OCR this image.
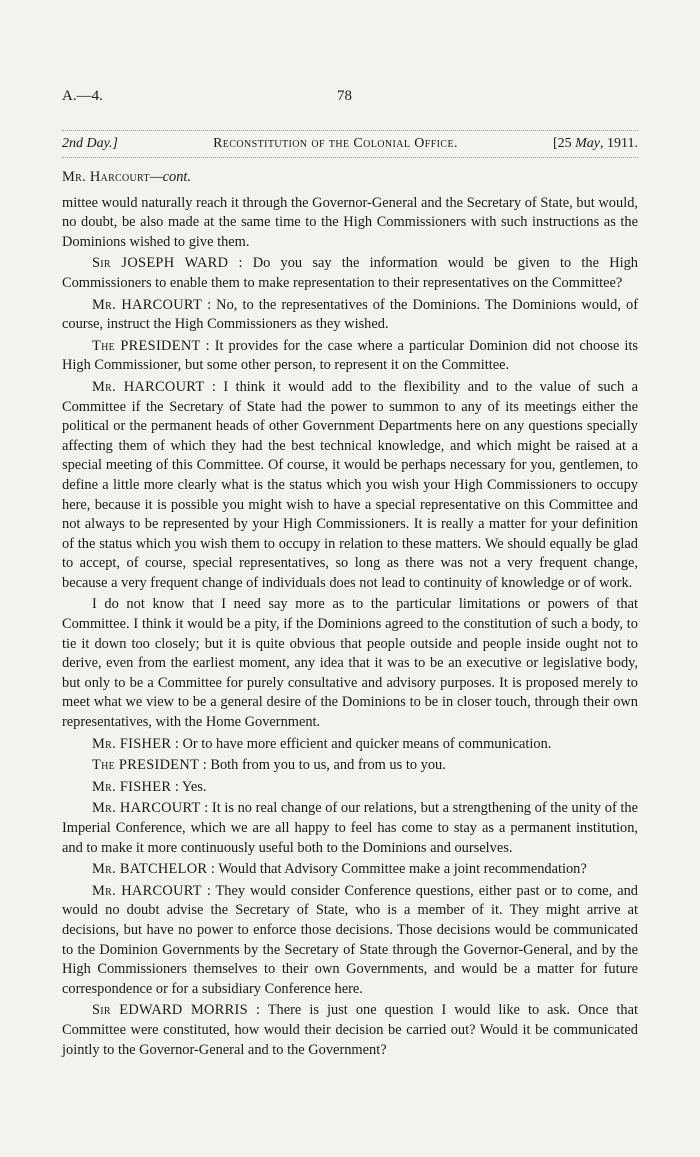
A.—4.	78
2nd Day.]	Reconstitution of the Colonial Office.	[25 May, 1911.
Mr. Harcourt—cont.

mittee would naturally reach it through the Governor-General and the Secretary of State, but would, no doubt, be also made at the same time to the High Commissioners with such instructions as the Dominions wished to give them.

Sir JOSEPH WARD : Do you say the information would be given to the High Commissioners to enable them to make representation to their representatives on the Committee?

Mr. HARCOURT : No, to the representatives of the Dominions. The Dominions would, of course, instruct the High Commissioners as they wished.

The PRESIDENT : It provides for the case where a particular Dominion did not choose its High Commissioner, but some other person, to represent it on the Committee.

Mr. HARCOURT : I think it would add to the flexibility and to the value of such a Committee if the Secretary of State had the power to summon to any of its meetings either the political or the permanent heads of other Government Departments here on any questions specially affecting them of which they had the best technical knowledge, and which might be raised at a special meeting of this Committee. Of course, it would be perhaps necessary for you, gentlemen, to define a little more clearly what is the status which you wish your High Commissioners to occupy here, because it is possible you might wish to have a special representative on this Committee and not always to be represented by your High Commissioners. It is really a matter for your definition of the status which you wish them to occupy in relation to these matters. We should equally be glad to accept, of course, special representatives, so long as there was not a very frequent change, because a very frequent change of individuals does not lead to continuity of knowledge or of work.

I do not know that I need say more as to the particular limitations or powers of that Committee. I think it would be a pity, if the Dominions agreed to the constitution of such a body, to tie it down too closely; but it is quite obvious that people outside and people inside ought not to derive, even from the earliest moment, any idea that it was to be an executive or legislative body, but only to be a Committee for purely consultative and advisory purposes. It is proposed merely to meet what we view to be a general desire of the Dominions to be in closer touch, through their own representatives, with the Home Government.

Mr. FISHER : Or to have more efficient and quicker means of communication.

The PRESIDENT : Both from you to us, and from us to you.

Mr. FISHER : Yes.

Mr. HARCOURT : It is no real change of our relations, but a strengthening of the unity of the Imperial Conference, which we are all happy to feel has come to stay as a permanent institution, and to make it more continuously useful both to the Dominions and ourselves.

Mr. BATCHELOR : Would that Advisory Committee make a joint recommendation?

Mr. HARCOURT : They would consider Conference questions, either past or to come, and would no doubt advise the Secretary of State, who is a member of it. They might arrive at decisions, but have no power to enforce those decisions. Those decisions would be communicated to the Dominion Governments by the Secretary of State through the Governor-General, and by the High Commissioners themselves to their own Governments, and would be a matter for future correspondence or for a subsidiary Conference here.

Sir EDWARD MORRIS : There is just one question I would like to ask. Once that Committee were constituted, how would their decision be carried out? Would it be communicated jointly to the Governor-General and to the Government?
